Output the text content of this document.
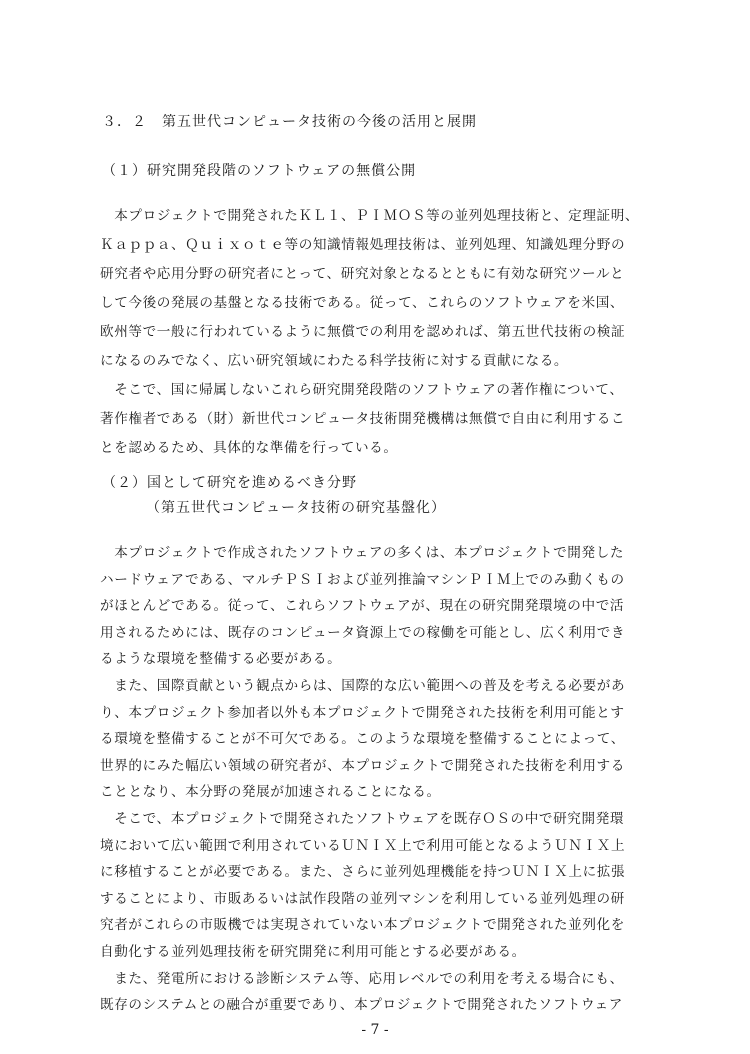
３．２　第五世代コンピュータ技術の今後の活用と展開
（１）研究開発段階のソフトウェアの無償公開
　本プロジェクトで開発されたＫＬ１、ＰＩＭＯＳ等の並列処理技術と、定理証明、
Ｋａｐｐａ、Ｑｕｉｘｏｔｅ等の知識情報処理技術は、並列処理、知識処理分野の
研究者や応用分野の研究者にとって、研究対象となるとともに有効な研究ツールと
して今後の発展の基盤となる技術である。従って、これらのソフトウェアを米国、
欧州等で一般に行われているように無償での利用を認めれば、第五世代技術の検証
になるのみでなく、広い研究領域にわたる科学技術に対する貢献になる。
　そこで、国に帰属しないこれら研究開発段階のソフトウェアの著作権について、
著作権者である（財）新世代コンピュータ技術開発機構は無償で自由に利用するこ
とを認めるため、具体的な準備を行っている。
（２）国として研究を進めるべき分野
（第五世代コンピュータ技術の研究基盤化）
　本プロジェクトで作成されたソフトウェアの多くは、本プロジェクトで開発した
ハードウェアである、マルチＰＳＩおよび並列推論マシンＰＩＭ上でのみ動くもの
がほとんどである。従って、これらソフトウェアが、現在の研究開発環境の中で活
用されるためには、既存のコンピュータ資源上での稼働を可能とし、広く利用でき
るような環境を整備する必要がある。
　また、国際貢献という観点からは、国際的な広い範囲への普及を考える必要があ
り、本プロジェクト参加者以外も本プロジェクトで開発された技術を利用可能とす
る環境を整備することが不可欠である。このような環境を整備することによって、
世界的にみた幅広い領域の研究者が、本プロジェクトで開発された技術を利用する
こととなり、本分野の発展が加速されることになる。
　そこで、本プロジェクトで開発されたソフトウェアを既存ＯＳの中で研究開発環
境において広い範囲で利用されているＵＮＩＸ上で利用可能となるようＵＮＩＸ上
に移植することが必要である。また、さらに並列処理機能を持つＵＮＩＸ上に拡張
することにより、市販あるいは試作段階の並列マシンを利用している並列処理の研
究者がこれらの市販機では実現されていない本プロジェクトで開発された並列化を
自動化する並列処理技術を研究開発に利用可能とする必要がある。
　また、発電所における診断システム等、応用レベルでの利用を考える場合にも、
既存のシステムとの融合が重要であり、本プロジェクトで開発されたソフトウェア
- 7 -
